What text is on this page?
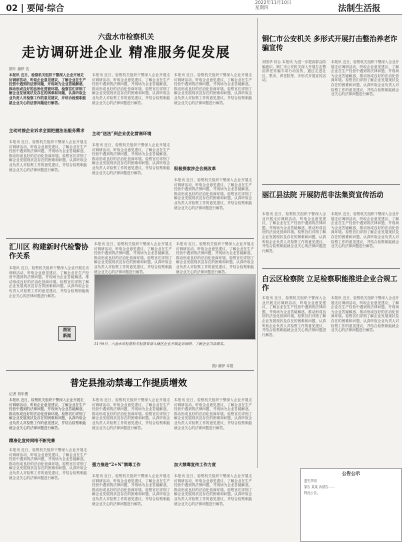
02 | 要闻·综合
2022年11月10日
星期四	法制生活报
六盘水市检察机关
走访调研进企业 精准服务促发展
图片 谢伊 沈
本报讯 近日，检察机关组织干警深入企业开展走访调研活动，听取企业意见建议，了解企业在生产经营中遇到的法律问题，并现场为企业答疑解惑，推动形成良好的法治化营商环境。检察官们详细了解企业发展现状及存在的困难和问题，认真听取企业负责人对检察工作的意见建议，并结合检察职能就企业关心的法律问题进行解答。
主动对接企业诉求全面把握法治服务需求
本报讯 近日，检察机关组织干警深入企业开展走访调研活动，听取企业意见建议，了解企业在生产经营中遇到的法律问题，并现场为企业答疑解惑，推动形成良好的法治化营商环境。检察官们详细了解企业发展现状及存在的困难和问题，认真听取企业负责人对检察工作的意见建议，并结合检察职能就企业关心的法律问题进行解答。
本报讯 近日，检察机关组织干警深入企业开展走访调研活动，听取企业意见建议，了解企业在生产经营中遇到的法律问题，并现场为企业答疑解惑，推动形成良好的法治化营商环境。检察官们详细了解企业发展现状及存在的困难和问题，认真听取企业负责人对检察工作的意见建议，并结合检察职能就企业关心的法律问题进行解答。
主动“送法”到企业优化营商环境
本报讯 近日，检察机关组织干警深入企业开展走访调研活动，听取企业意见建议，了解企业在生产经营中遇到的法律问题，并现场为企业答疑解惑，推动形成良好的法治化营商环境。检察官们详细了解企业发展现状及存在的困难和问题，认真听取企业负责人对检察工作的意见建议，并结合检察职能就企业关心的法律问题进行解答。
本报讯 近日，检察机关组织干警深入企业开展走访调研活动，听取企业意见建议，了解企业在生产经营中遇到的法律问题，并现场为企业答疑解惑，推动形成良好的法治化营商环境。检察官们详细了解企业发展现状及存在的困难和问题，认真听取企业负责人对检察工作的意见建议，并结合检察职能就企业关心的法律问题进行解答。
积极探索涉企合规改革
本报讯 近日，检察机关组织干警深入企业开展走访调研活动，听取企业意见建议，了解企业在生产经营中遇到的法律问题，并现场为企业答疑解惑，推动形成良好的法治化营商环境。检察官们详细了解企业发展现状及存在的困难和问题，认真听取企业负责人对检察工作的意见建议，并结合检察职能就企业关心的法律问题进行解答。
铜仁市公安机关 多形式开展打击整治养老诈骗宣传
刘国华 综合 本报讯 为进一步提高群众防骗意识，铜仁市公安机关深入开展打击整治养老诈骗专项行动宣传，通过走进社区、集市、养老院等，多形式开展宣传活动。
本报讯 近日，检察机关组织干警深入企业开展走访调研活动，听取企业意见建议，了解企业在生产经营中遇到的法律问题，并现场为企业答疑解惑，推动形成良好的法治化营商环境。检察官们详细了解企业发展现状及存在的困难和问题，认真听取企业负责人对检察工作的意见建议，并结合检察职能就企业关心的法律问题进行解答。
丽江县法院 开展防范非法集资宣传活动
本报讯 近日，检察机关组织干警深入企业开展走访调研活动，听取企业意见建议，了解企业在生产经营中遇到的法律问题，并现场为企业答疑解惑，推动形成良好的法治化营商环境。检察官们详细了解企业发展现状及存在的困难和问题，认真听取企业负责人对检察工作的意见建议，并结合检察职能就企业关心的法律问题进行解答。
本报讯 近日，检察机关组织干警深入企业开展走访调研活动，听取企业意见建议，了解企业在生产经营中遇到的法律问题，并现场为企业答疑解惑，推动形成良好的法治化营商环境。检察官们详细了解企业发展现状及存在的困难和问题，认真听取企业负责人对检察工作的意见建议，并结合检察职能就企业关心的法律问题进行解答。
白云区检察院 立足检察职能推进企业合规工作
本报讯 近日，检察机关组织干警深入企业开展走访调研活动，听取企业意见建议，了解企业在生产经营中遇到的法律问题，并现场为企业答疑解惑，推动形成良好的法治化营商环境。检察官们详细了解企业发展现状及存在的困难和问题，认真听取企业负责人对检察工作的意见建议，并结合检察职能就企业关心的法律问题进行解答。
本报讯 近日，检察机关组织干警深入企业开展走访调研活动，听取企业意见建议，了解企业在生产经营中遇到的法律问题，并现场为企业答疑解惑，推动形成良好的法治化营商环境。检察官们详细了解企业发展现状及存在的困难和问题，认真听取企业负责人对检察工作的意见建议，并结合检察职能就企业关心的法律问题进行解答。
汇川区 构建新时代检警协作关系
本报讯 近日，检察机关组织干警深入企业开展走访调研活动，听取企业意见建议，了解企业在生产经营中遇到的法律问题，并现场为企业答疑解惑，推动形成良好的法治化营商环境。检察官们详细了解企业发展现状及存在的困难和问题，认真听取企业负责人对检察工作的意见建议，并结合检察职能就企业关心的法律问题进行解答。
本报讯 近日，检察机关组织干警深入企业开展走访调研活动，听取企业意见建议，了解企业在生产经营中遇到的法律问题，并现场为企业答疑解惑，推动形成良好的法治化营商环境。检察官们详细了解企业发展现状及存在的困难和问题，认真听取企业负责人对检察工作的意见建议，并结合检察职能就企业关心的法律问题进行解答。
本报讯 近日，检察机关组织干警深入企业开展走访调研活动，听取企业意见建议，了解企业在生产经营中遇到的法律问题，并现场为企业答疑解惑，推动形成良好的法治化营商环境。检察官们详细了解企业发展现状及存在的困难和问题，认真听取企业负责人对检察工作的意见建议，并结合检察职能就企业关心的法律问题进行解答。
图说
新闻
11月9日，六盘水市检察机关检察官深入辖区企业开展走访调研，了解企业司法需求。
图/ 谢伊 本报
普定县推动禁毒工作提质增效
记者 刘东俊
本报讯 近日，检察机关组织干警深入企业开展走访调研活动，听取企业意见建议，了解企业在生产经营中遇到的法律问题，并现场为企业答疑解惑，推动形成良好的法治化营商环境。检察官们详细了解企业发展现状及存在的困难和问题，认真听取企业负责人对检察工作的意见建议，并结合检察职能就企业关心的法律问题进行解答。
精准化宣传网络不断完善
本报讯 近日，检察机关组织干警深入企业开展走访调研活动，听取企业意见建议，了解企业在生产经营中遇到的法律问题，并现场为企业答疑解惑，推动形成良好的法治化营商环境。检察官们详细了解企业发展现状及存在的困难和问题，认真听取企业负责人对检察工作的意见建议，并结合检察职能就企业关心的法律问题进行解答。
本报讯 近日，检察机关组织干警深入企业开展走访调研活动，听取企业意见建议，了解企业在生产经营中遇到的法律问题，并现场为企业答疑解惑，推动形成良好的法治化营商环境。检察官们详细了解企业发展现状及存在的困难和问题，认真听取企业负责人对检察工作的意见建议，并结合检察职能就企业关心的法律问题进行解答。
强力推进“2+N”禁毒工作
本报讯 近日，检察机关组织干警深入企业开展走访调研活动，听取企业意见建议，了解企业在生产经营中遇到的法律问题，并现场为企业答疑解惑，推动形成良好的法治化营商环境。检察官们详细了解企业发展现状及存在的困难和问题，认真听取企业负责人对检察工作的意见建议，并结合检察职能就企业关心的法律问题进行解答。
本报讯 近日，检察机关组织干警深入企业开展走访调研活动，听取企业意见建议，了解企业在生产经营中遇到的法律问题，并现场为企业答疑解惑，推动形成良好的法治化营商环境。检察官们详细了解企业发展现状及存在的困难和问题，认真听取企业负责人对检察工作的意见建议，并结合检察职能就企业关心的法律问题进行解答。
加大禁毒宣传工作力度
本报讯 近日，检察机关组织干警深入企业开展走访调研活动，听取企业意见建议，了解企业在生产经营中遇到的法律问题，并现场为企业答疑解惑，推动形成良好的法治化营商环境。检察官们详细了解企业发展现状及存在的困难和问题，认真听取企业负责人对检察工作的意见建议，并结合检察职能就企业关心的法律问题进行解答。
公告公示
遗失声明
原告 某某 诉被告……
特此公告。
